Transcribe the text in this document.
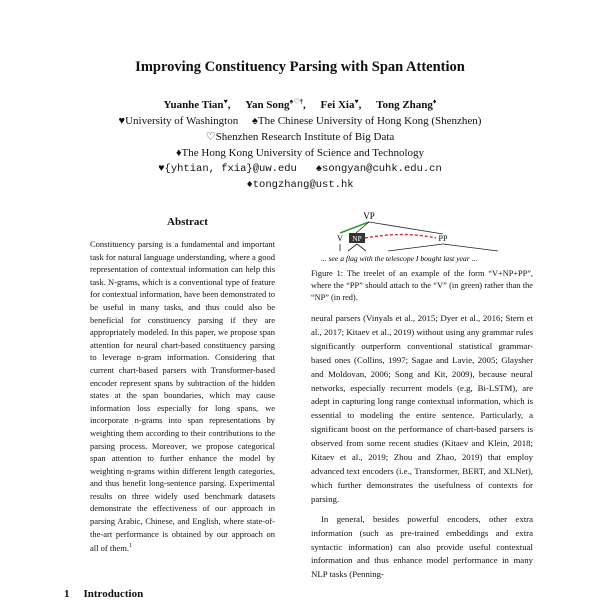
Improving Constituency Parsing with Span Attention
Yuanhe Tian♥, Yan Song♠♡†, Fei Xia♥, Tong Zhang♦
♥University of Washington ♠The Chinese University of Hong Kong (Shenzhen)
♡Shenzhen Research Institute of Big Data
♦The Hong Kong University of Science and Technology
♥{yhtian, fxia}@uw.edu ♠songyan@cuhk.edu.cn
♦tongzhang@ust.hk
Abstract
Constituency parsing is a fundamental and important task for natural language understanding, where a good representation of contextual information can help this task. N-grams, which is a conventional type of feature for contextual information, have been demonstrated to be useful in many tasks, and thus could also be beneficial for constituency parsing if they are appropriately modeled. In this paper, we propose span attention for neural chart-based constituency parsing to leverage n-gram information. Considering that current chart-based parsers with Transformer-based encoder represent spans by subtraction of the hidden states at the span boundaries, which may cause information loss especially for long spans, we incorporate n-grams into span representations by weighting them according to their contributions to the parsing process. Moreover, we propose categorical span attention to further enhance the model by weighting n-grams within different length categories, and thus benefit long-sentence parsing. Experimental results on three widely used benchmark datasets demonstrate the effectiveness of our approach in parsing Arabic, Chinese, and English, where state-of-the-art performance is obtained by our approach on all of them.$^1$
1 Introduction
VP
V NP	PP
... see a flag with the telescope I bought last year ...
Figure 1: The treelet of an example of the form “V+NP+PP”, where the “PP” should attach to the “V” (in green) rather than the “NP” (in red).

neural parsers (Vinyals et al., 2015; Dyer et al., 2016; Stern et al., 2017; Kitaev et al., 2019) without using any grammar rules significantly outperform conventional statistical grammar-based ones (Collins, 1997; Sagae and Lavie, 2005; Glaysher and Moldovan, 2006; Song and Kit, 2009), because neural networks, especially recurrent models (e.g, Bi-LSTM), are adept in capturing long range contextual information, which is essential to modeling the entire sentence. Particularly, a significant boost on the performance of chart-based parsers is observed from some recent studies (Kitaev and Klein, 2018; Kitaev et al., 2019; Zhou and Zhao, 2019) that employ advanced text encoders (i.e., Transformer, BERT, and XLNet), which further demonstrates the usefulness of contexts for parsing.

In general, besides powerful encoders, other extra information (such as pre-trained embeddings and extra syntactic information) can also provide useful contextual information and thus enhance model performance in many NLP tasks (Penning-
